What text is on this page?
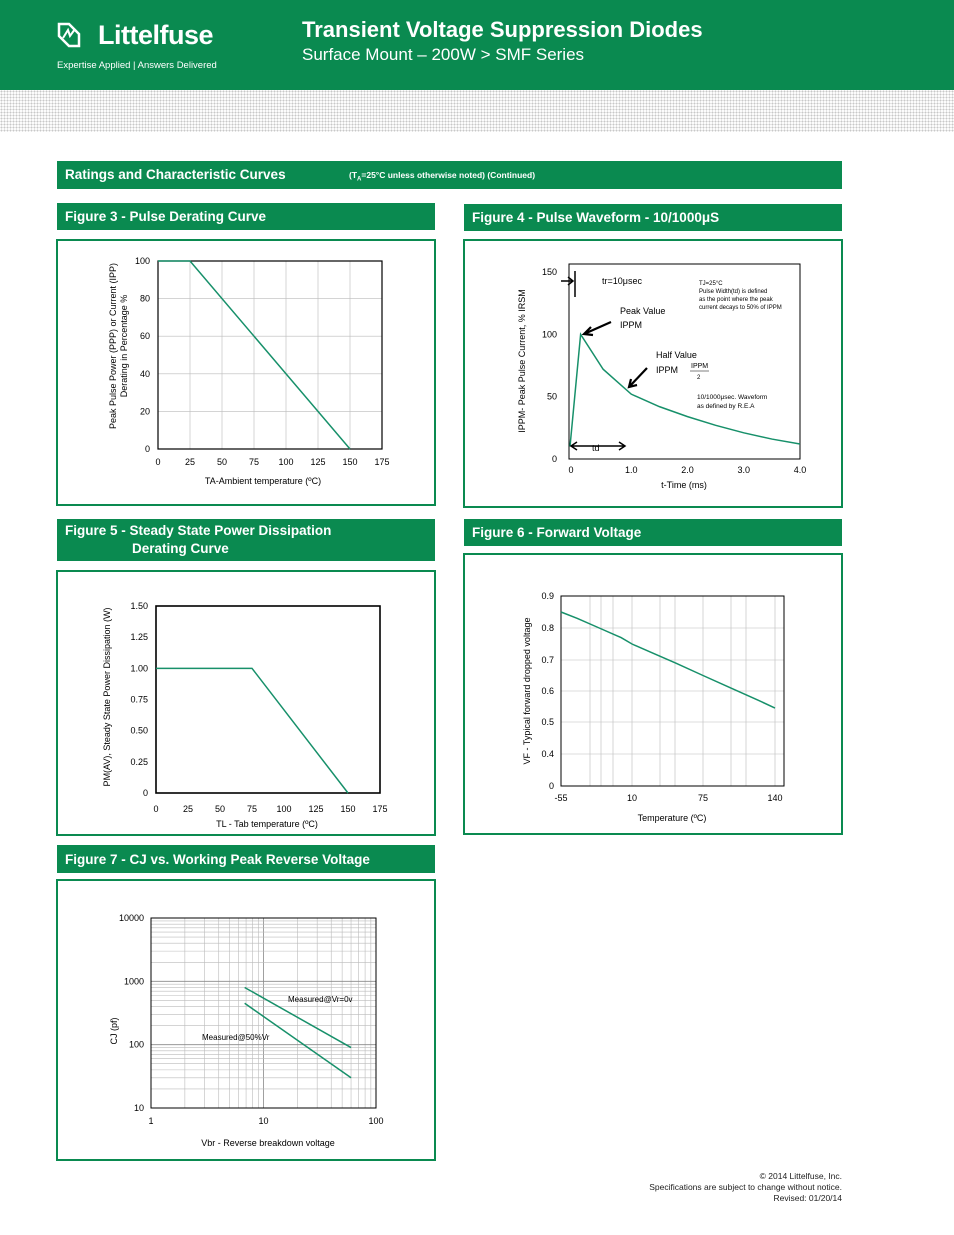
Littelfuse
Expertise Applied | Answers Delivered
Transient Voltage Suppression Diodes
Surface Mount – 200W > SMF Series
Ratings and Characteristic Curves	($T_A=25^\circ C$ unless otherwise noted) (Continued)
Figure 3 - Pulse Derating Curve
0	25 50 75 100 125 150 175
0
20
40
60
80
100
Peak Pulse Power (PPP) or Current (IPP) Derating in Percentage %
TA-Ambient temperature (ºC)
Figure 4 - Pulse Waveform - 10/1000μS
0	1.0	2.0	3.0	4.0
0
50
100
150
IPPM- Peak Pulse Current, % IRSM
t-Time (ms)
tr=10μsec
Peak Value
IPPM
Half Value
IPPM IPPM
2
td
TJ=25°C
Pulse Width(td) is defined
as the point where the peak
current decays to 50% of IPPM
10/1000μsec. Waveform
as defined by R.E.A
Figure 5 - Steady State Power Dissipation
Derating Curve
0	25 50 75 100 125 150 175
0
0.25
0.50
0.75
1.00
1.25
1.50
PM(AV), Steady State Power Dissipation (W)
TL - Tab temperature (ºC)
Figure 6 - Forward Voltage
-55	10	75	140
0
0.4
0.5
0.6
0.7
0.8
0.9
VF - Typical forward dropped voltage
Temperature (ºC)
Figure 7 - CJ vs. Working Peak Reverse Voltage
1	10	100
10
100
1000
10000
CJ (pf)
Vbr - Reverse breakdown voltage
Measured@Vr=0v
Measured@50%Vr
© 2014 Littelfuse, Inc.
Specifications are subject to change without notice.
Revised: 01/20/14
